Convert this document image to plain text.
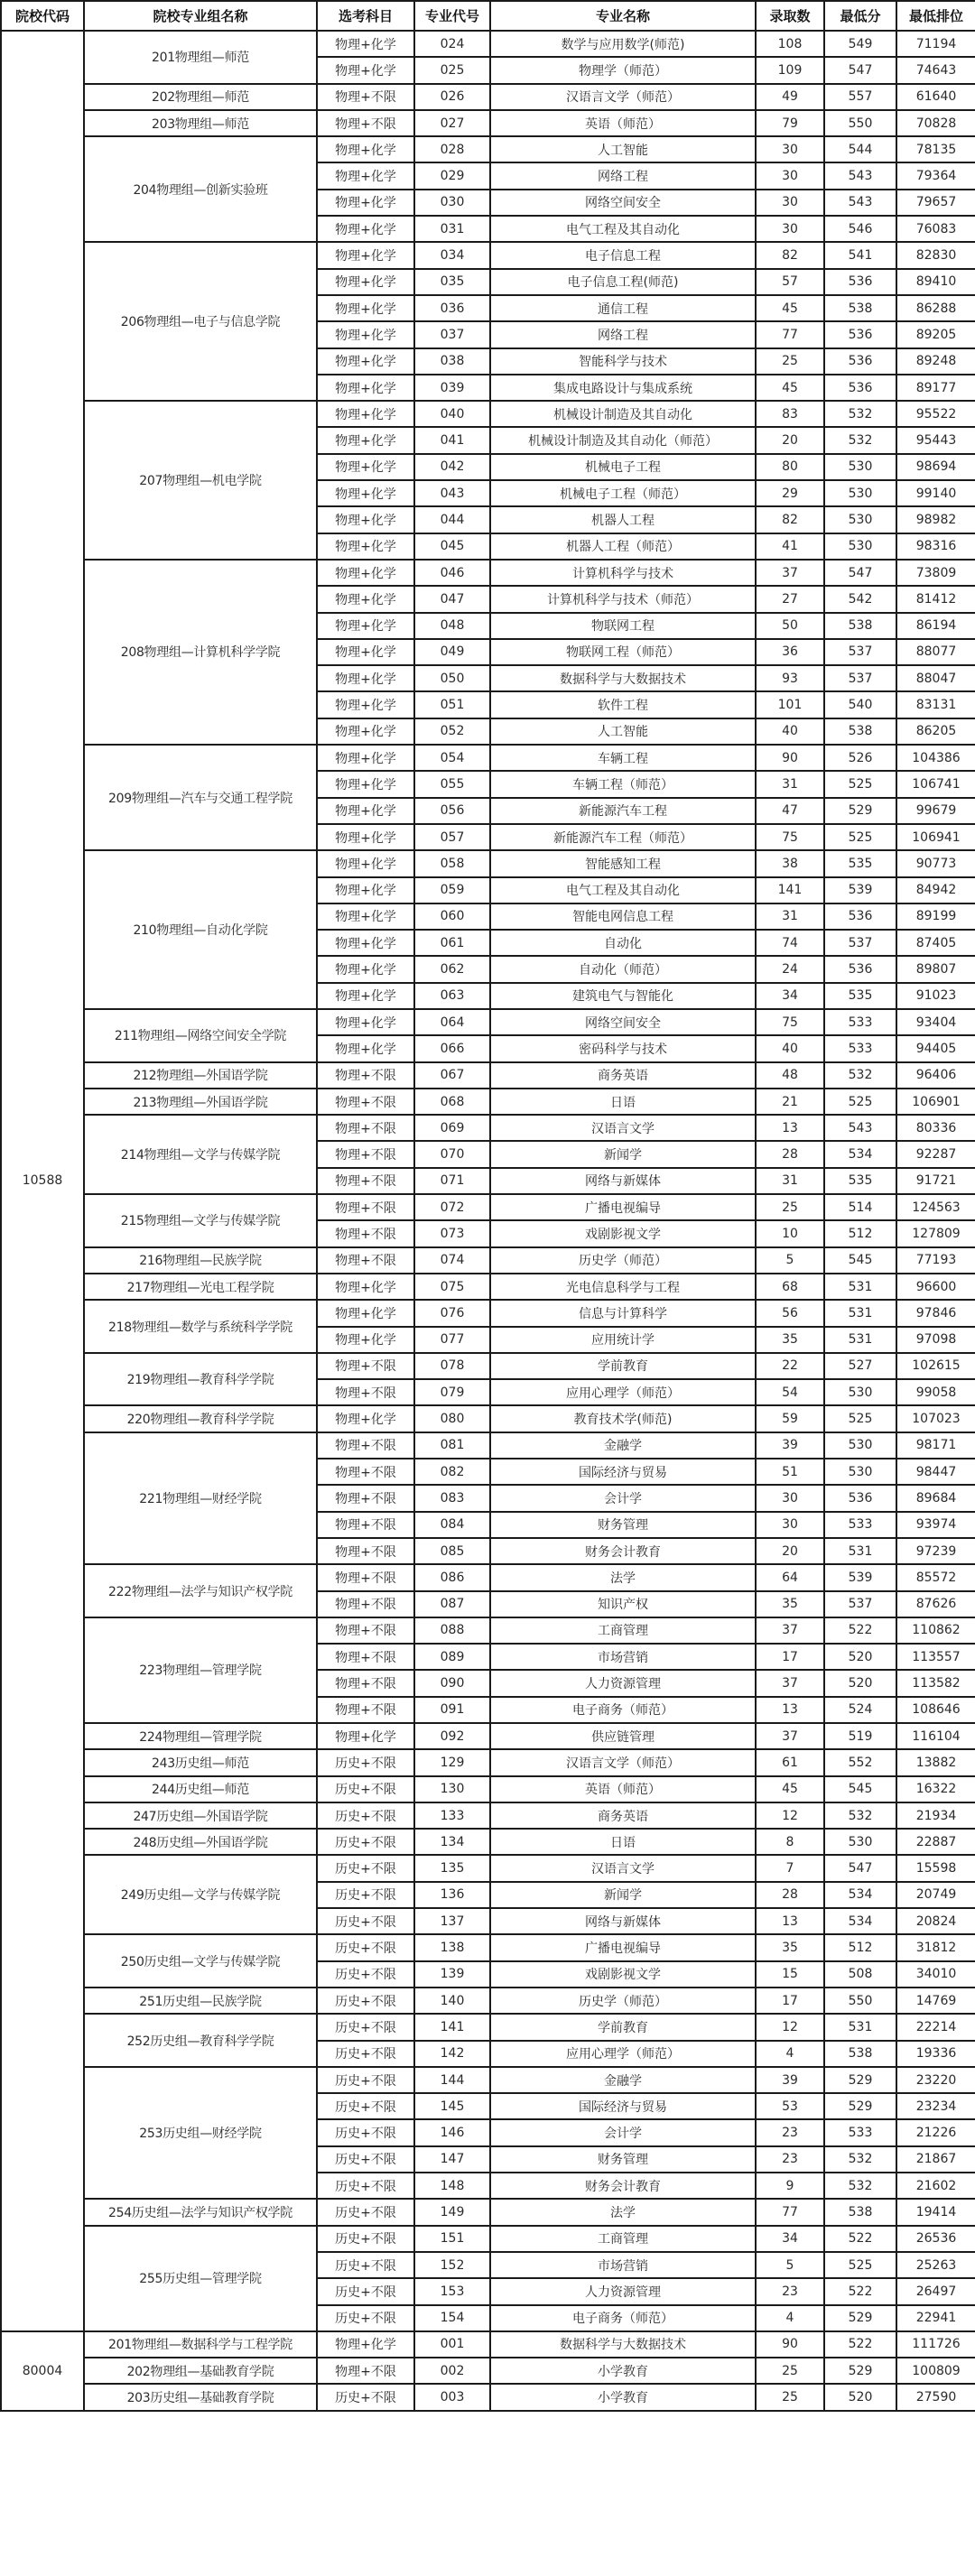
院校代码	院校专业组名称	选考科目	专业代号	专业名称	录取数	最低分	最低排位
10588	201物理组—师范	物理+化学	024	数学与应用数学(师范)	108	549	71194
		物理+化学	025	物理学（师范）	109	547	74643
	202物理组—师范	物理+不限	026	汉语言文学（师范）	49	557	61640
	203物理组—师范	物理+不限	027	英语（师范）	79	550	70828
	204物理组—创新实验班	物理+化学	028	人工智能	30	544	78135
		物理+化学	029	网络工程	30	543	79364
		物理+化学	030	网络空间安全	30	543	79657
		物理+化学	031	电气工程及其自动化	30	546	76083
	206物理组—电子与信息学院	物理+化学	034	电子信息工程	82	541	82830
		物理+化学	035	电子信息工程(师范)	57	536	89410
		物理+化学	036	通信工程	45	538	86288
		物理+化学	037	网络工程	77	536	89205
		物理+化学	038	智能科学与技术	25	536	89248
		物理+化学	039	集成电路设计与集成系统	45	536	89177
	207物理组—机电学院	物理+化学	040	机械设计制造及其自动化	83	532	95522
		物理+化学	041	机械设计制造及其自动化（师范）	20	532	95443
		物理+化学	042	机械电子工程	80	530	98694
		物理+化学	043	机械电子工程（师范）	29	530	99140
		物理+化学	044	机器人工程	82	530	98982
		物理+化学	045	机器人工程（师范）	41	530	98316
	208物理组—计算机科学学院	物理+化学	046	计算机科学与技术	37	547	73809
		物理+化学	047	计算机科学与技术（师范）	27	542	81412
		物理+化学	048	物联网工程	50	538	86194
		物理+化学	049	物联网工程（师范）	36	537	88077
		物理+化学	050	数据科学与大数据技术	93	537	88047
		物理+化学	051	软件工程	101	540	83131
		物理+化学	052	人工智能	40	538	86205
	209物理组—汽车与交通工程学院	物理+化学	054	车辆工程	90	526	104386
		物理+化学	055	车辆工程（师范）	31	525	106741
		物理+化学	056	新能源汽车工程	47	529	99679
		物理+化学	057	新能源汽车工程（师范）	75	525	106941
	210物理组—自动化学院	物理+化学	058	智能感知工程	38	535	90773
		物理+化学	059	电气工程及其自动化	141	539	84942
		物理+化学	060	智能电网信息工程	31	536	89199
		物理+化学	061	自动化	74	537	87405
		物理+化学	062	自动化（师范）	24	536	89807
		物理+化学	063	建筑电气与智能化	34	535	91023
	211物理组—网络空间安全学院	物理+化学	064	网络空间安全	75	533	93404
		物理+化学	066	密码科学与技术	40	533	94405
	212物理组—外国语学院	物理+不限	067	商务英语	48	532	96406
	213物理组—外国语学院	物理+不限	068	日语	21	525	106901
	214物理组—文学与传媒学院	物理+不限	069	汉语言文学	13	543	80336
		物理+不限	070	新闻学	28	534	92287
		物理+不限	071	网络与新媒体	31	535	91721
	215物理组—文学与传媒学院	物理+不限	072	广播电视编导	25	514	124563
		物理+不限	073	戏剧影视文学	10	512	127809
	216物理组—民族学院	物理+不限	074	历史学（师范）	5	545	77193
	217物理组—光电工程学院	物理+化学	075	光电信息科学与工程	68	531	96600
	218物理组—数学与系统科学学院	物理+化学	076	信息与计算科学	56	531	97846
		物理+化学	077	应用统计学	35	531	97098
	219物理组—教育科学学院	物理+不限	078	学前教育	22	527	102615
		物理+不限	079	应用心理学（师范）	54	530	99058
	220物理组—教育科学学院	物理+化学	080	教育技术学(师范)	59	525	107023
	221物理组—财经学院	物理+不限	081	金融学	39	530	98171
		物理+不限	082	国际经济与贸易	51	530	98447
		物理+不限	083	会计学	30	536	89684
		物理+不限	084	财务管理	30	533	93974
		物理+不限	085	财务会计教育	20	531	97239
	222物理组—法学与知识产权学院	物理+不限	086	法学	64	539	85572
		物理+不限	087	知识产权	35	537	87626
	223物理组—管理学院	物理+不限	088	工商管理	37	522	110862
		物理+不限	089	市场营销	17	520	113557
		物理+不限	090	人力资源管理	37	520	113582
		物理+不限	091	电子商务（师范）	13	524	108646
	224物理组—管理学院	物理+化学	092	供应链管理	37	519	116104
	243历史组—师范	历史+不限	129	汉语言文学（师范）	61	552	13882
	244历史组—师范	历史+不限	130	英语（师范）	45	545	16322
	247历史组—外国语学院	历史+不限	133	商务英语	12	532	21934
	248历史组—外国语学院	历史+不限	134	日语	8	530	22887
	249历史组—文学与传媒学院	历史+不限	135	汉语言文学	7	547	15598
		历史+不限	136	新闻学	28	534	20749
		历史+不限	137	网络与新媒体	13	534	20824
	250历史组—文学与传媒学院	历史+不限	138	广播电视编导	35	512	31812
		历史+不限	139	戏剧影视文学	15	508	34010
	251历史组—民族学院	历史+不限	140	历史学（师范）	17	550	14769
	252历史组—教育科学学院	历史+不限	141	学前教育	12	531	22214
		历史+不限	142	应用心理学（师范）	4	538	19336
	253历史组—财经学院	历史+不限	144	金融学	39	529	23220
		历史+不限	145	国际经济与贸易	53	529	23234
		历史+不限	146	会计学	23	533	21226
		历史+不限	147	财务管理	23	532	21867
		历史+不限	148	财务会计教育	9	532	21602
	254历史组—法学与知识产权学院	历史+不限	149	法学	77	538	19414
	255历史组—管理学院	历史+不限	151	工商管理	34	522	26536
		历史+不限	152	市场营销	5	525	25263
		历史+不限	153	人力资源管理	23	522	26497
		历史+不限	154	电子商务（师范）	4	529	22941
80004	201物理组—数据科学与工程学院	物理+化学	001	数据科学与大数据技术	90	522	111726
	202物理组—基础教育学院	物理+不限	002	小学教育	25	529	100809
	203历史组—基础教育学院	历史+不限	003	小学教育	25	520	27590
